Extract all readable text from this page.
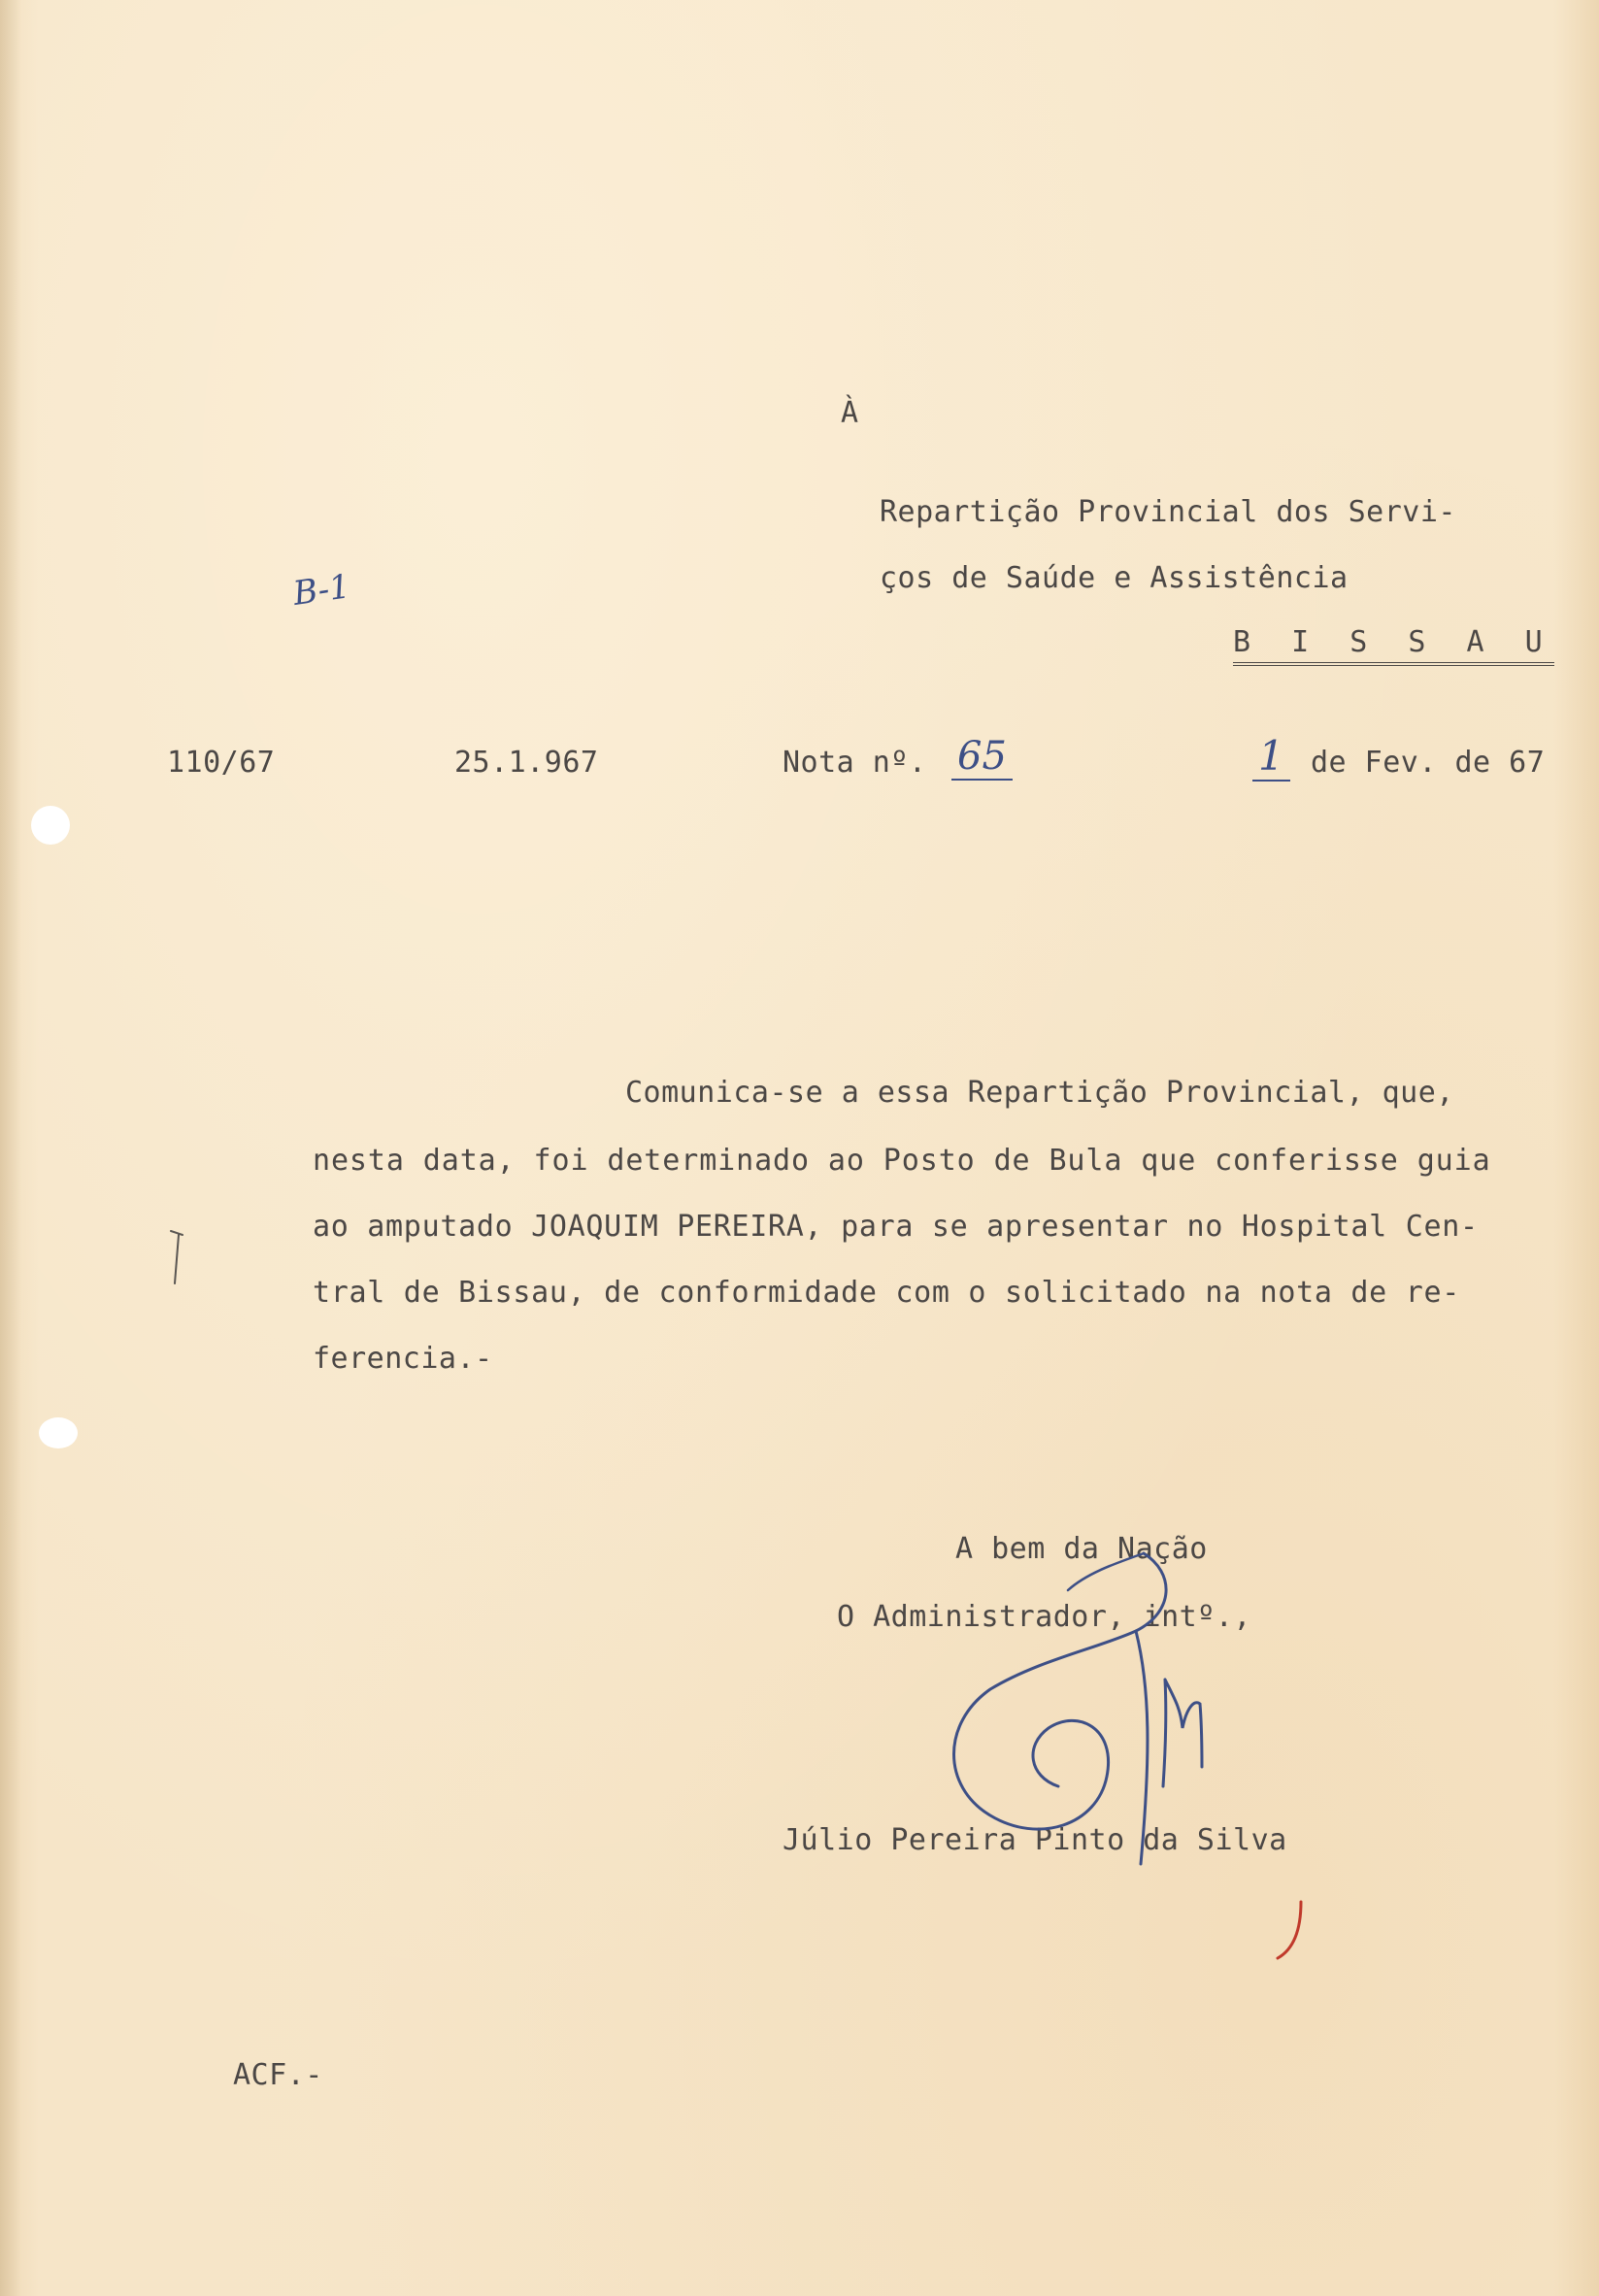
À
Repartição Provincial dos Servi-
ços de Saúde e Assistência
B I S S A U
B-1
110/67	25.1.967	Nota nº. 65	1 de Fev. de 67
Comunica-se a essa Repartição Provincial, que,
nesta data, foi determinado ao Posto de Bula que conferisse guia
ao amputado JOAQUIM PEREIRA, para se apresentar no Hospital Cen-
tral de Bissau, de conformidade com o solicitado na nota de re-
ferencia.-
A bem da Nação
O Administrador, intº.,
Júlio Pereira Pinto da Silva
ACF.-
